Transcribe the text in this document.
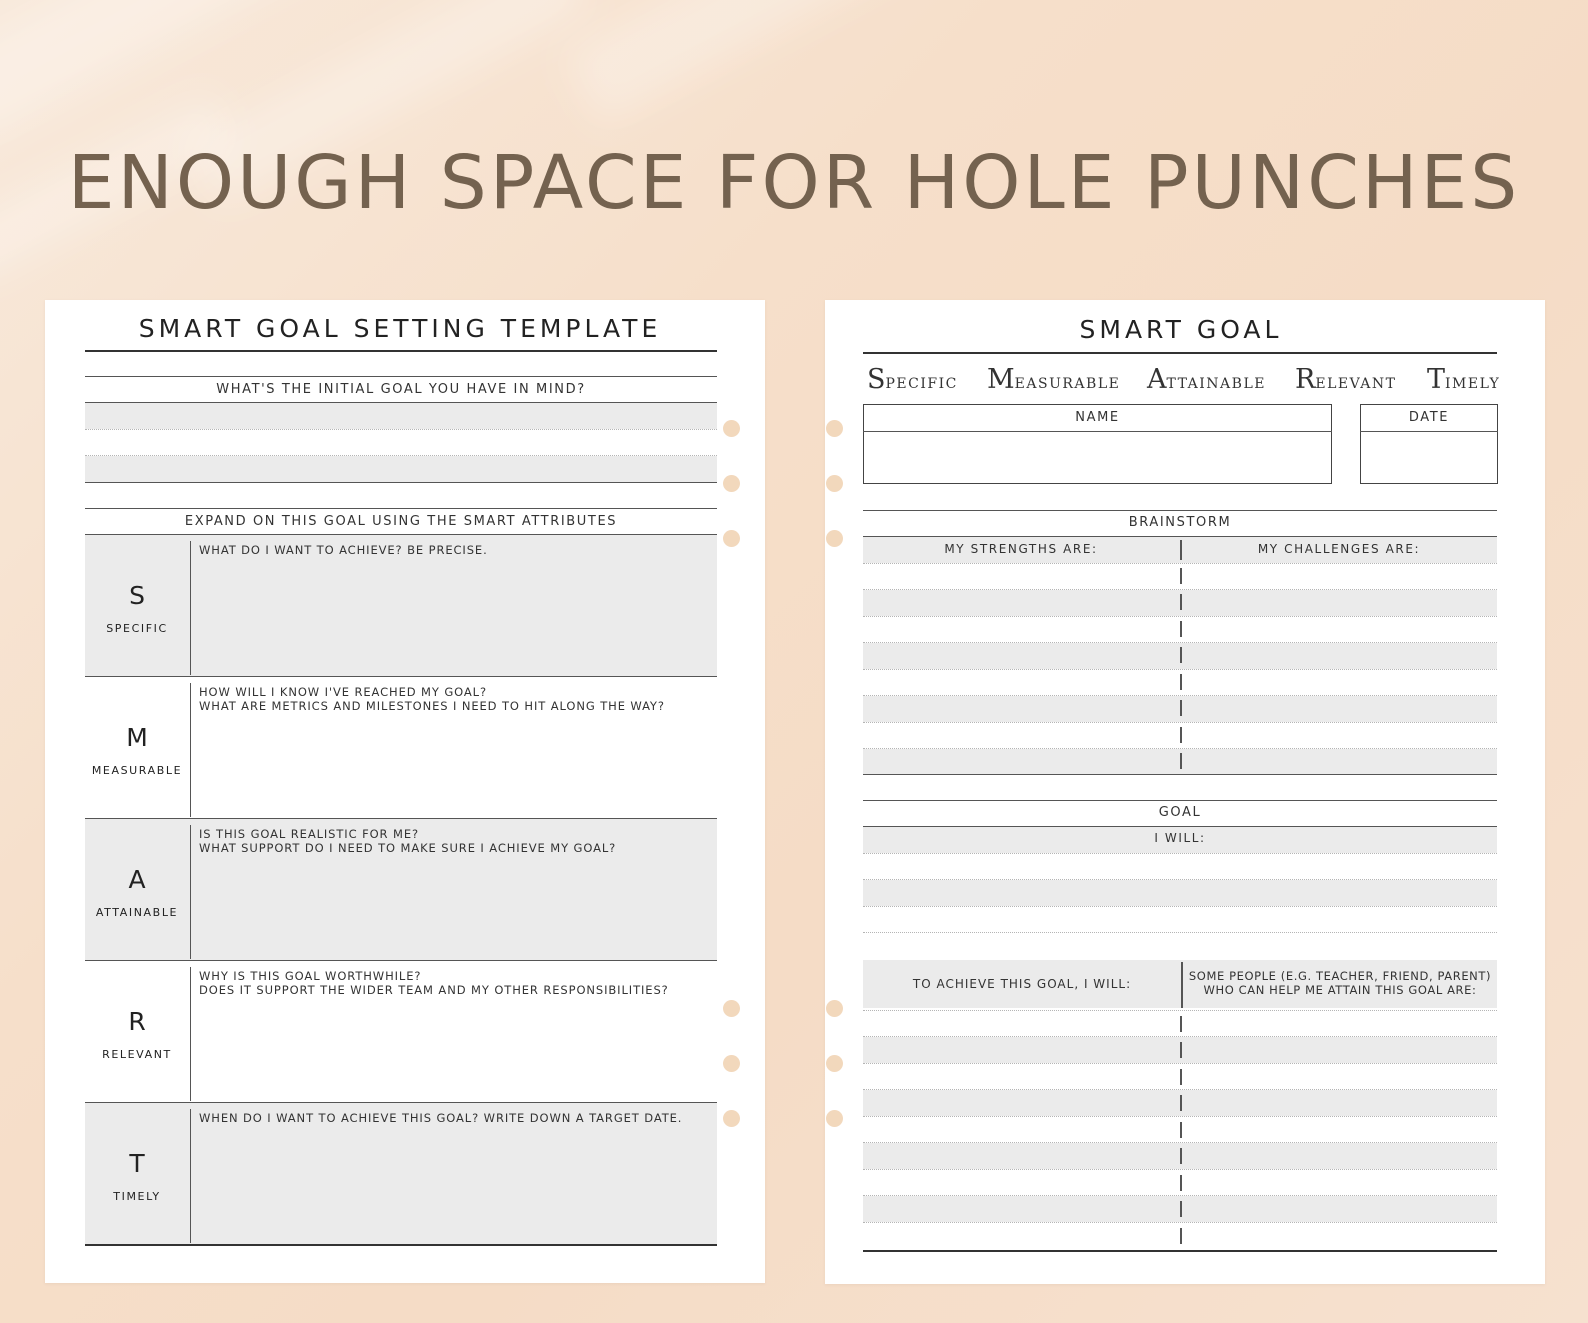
ENOUGH SPACE FOR HOLE PUNCHES
SMART GOAL SETTING TEMPLATE
WHAT'S THE INITIAL GOAL YOU HAVE IN MIND?
EXPAND ON THIS GOAL USING THE SMART ATTRIBUTES
S
SPECIFIC
WHAT DO I WANT TO ACHIEVE? BE PRECISE.
M
MEASURABLE
HOW WILL I KNOW I'VE REACHED MY GOAL?
WHAT ARE METRICS AND MILESTONES I NEED TO HIT ALONG THE WAY?
A
ATTAINABLE
IS THIS GOAL REALISTIC FOR ME?
WHAT SUPPORT DO I NEED TO MAKE SURE I ACHIEVE MY GOAL?
R
RELEVANT
WHY IS THIS GOAL WORTHWHILE?
DOES IT SUPPORT THE WIDER TEAM AND MY OTHER RESPONSIBILITIES?
T
TIMELY
WHEN DO I WANT TO ACHIEVE THIS GOAL? WRITE DOWN A TARGET DATE.
SMART GOAL
SPECIFIC MEASURABLE ATTAINABLE RELEVANT TIMELY
NAME	DATE
BRAINSTORM
MY STRENGTHS ARE:	MY CHALLENGES ARE:
GOAL
I WILL:
TO ACHIEVE THIS GOAL, I WILL:
SOME PEOPLE (E.G. TEACHER, FRIEND, PARENT)
WHO CAN HELP ME ATTAIN THIS GOAL ARE:
